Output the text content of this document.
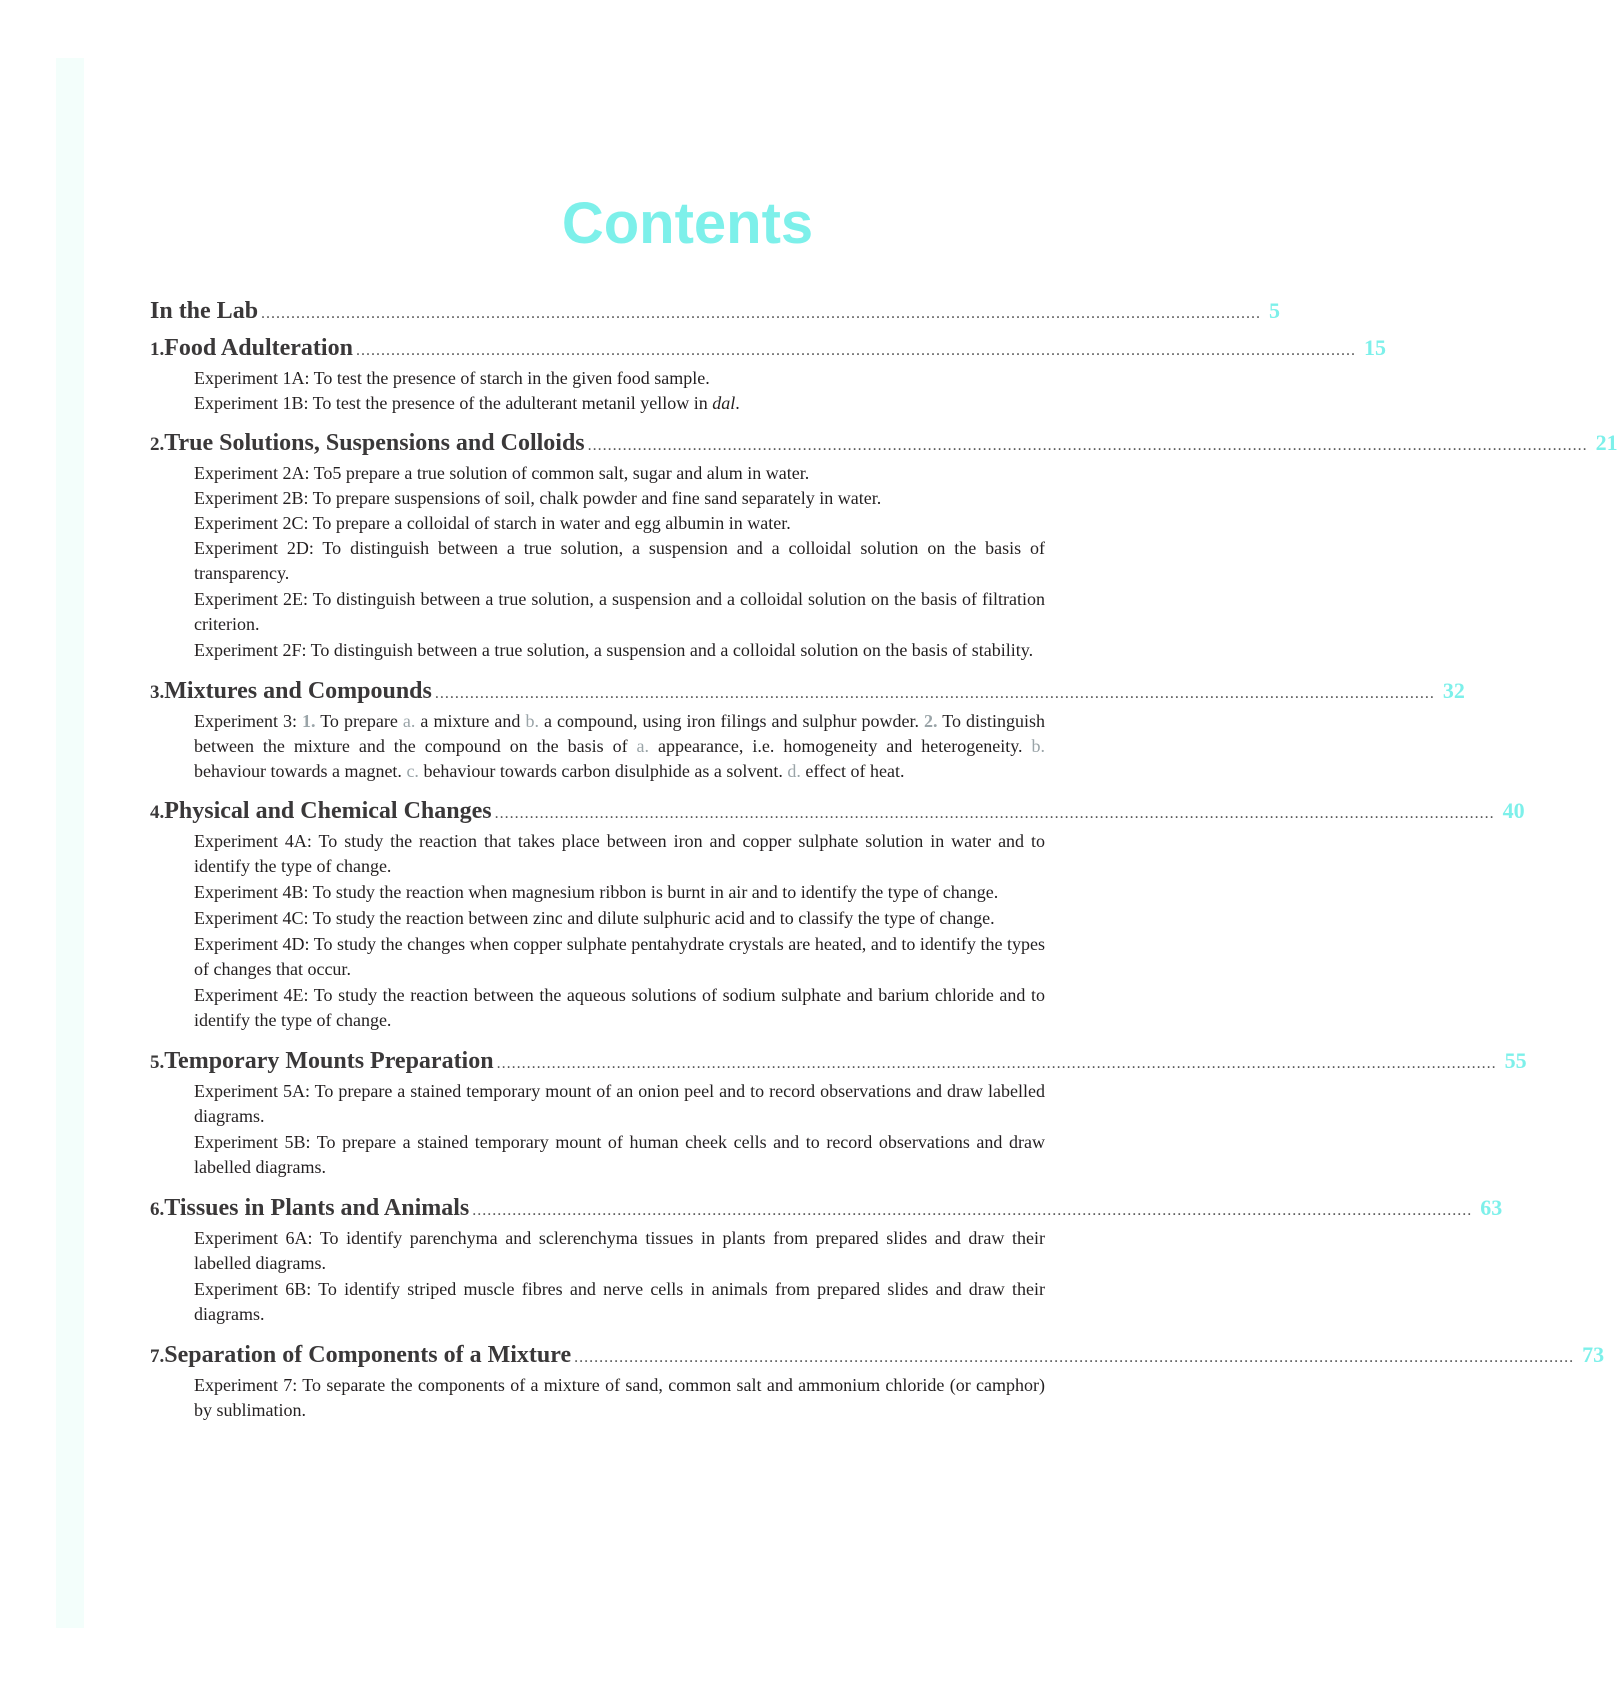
Contents
In the Lab ........................................................................................................................................................................................................ 5
1. Food Adulteration ........................................................................................................................................................................................................ 15
Experiment 1A: To test the presence of starch in the given food sample.
Experiment 1B: To test the presence of the adulterant metanil yellow in dal.
2. True Solutions, Suspensions and Colloids ........................................................................................................................................................................................................ 21
Experiment 2A: To5 prepare a true solution of common salt, sugar and alum in water.
Experiment 2B: To prepare suspensions of soil, chalk powder and fine sand separately in water.
Experiment 2C: To prepare a colloidal of starch in water and egg albumin in water.
Experiment 2D: To distinguish between a true solution, a suspension and a colloidal solution on the basis of transparency.
Experiment 2E: To distinguish between a true solution, a suspension and a colloidal solution on the basis of filtration criterion.
Experiment 2F: To distinguish between a true solution, a suspension and a colloidal solution on the basis of stability.
3. Mixtures and Compounds ........................................................................................................................................................................................................ 32
Experiment 3: 1. To prepare a. a mixture and b. a compound, using iron filings and sulphur powder. 2. To distinguish between the mixture and the compound on the basis of a. appearance, i.e. homogeneity and heterogeneity. b. behaviour towards a magnet. c. behaviour towards carbon disulphide as a solvent. d. effect of heat.
4. Physical and Chemical Changes ........................................................................................................................................................................................................ 40
Experiment 4A: To study the reaction that takes place between iron and copper sulphate solution in water and to identify the type of change.
Experiment 4B: To study the reaction when magnesium ribbon is burnt in air and to identify the type of change.
Experiment 4C: To study the reaction between zinc and dilute sulphuric acid and to classify the type of change.
Experiment 4D: To study the changes when copper sulphate pentahydrate crystals are heated, and to identify the types of changes that occur.
Experiment 4E: To study the reaction between the aqueous solutions of sodium sulphate and barium chloride and to identify the type of change.
5. Temporary Mounts Preparation ........................................................................................................................................................................................................ 55
Experiment 5A: To prepare a stained temporary mount of an onion peel and to record observations and draw labelled diagrams.
Experiment 5B: To prepare a stained temporary mount of human cheek cells and to record observations and draw labelled diagrams.
6. Tissues in Plants and Animals ........................................................................................................................................................................................................ 63
Experiment 6A: To identify parenchyma and sclerenchyma tissues in plants from prepared slides and draw their labelled diagrams.
Experiment 6B: To identify striped muscle fibres and nerve cells in animals from prepared slides and draw their diagrams.
7. Separation of Components of a Mixture ........................................................................................................................................................................................................ 73
Experiment 7: To separate the components of a mixture of sand, common salt and ammonium chloride (or camphor) by sublimation.
